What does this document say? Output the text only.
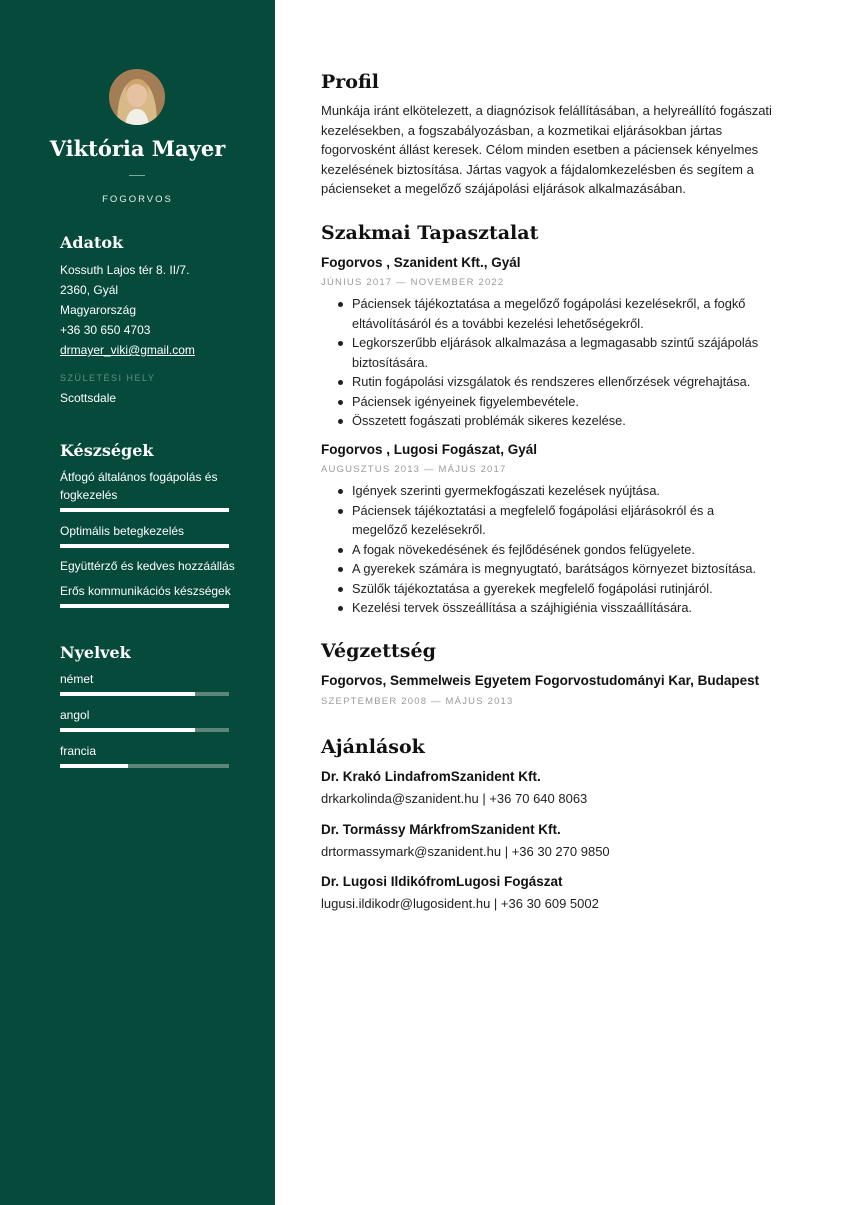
Viktória Mayer
FOGORVOS
Adatok
Kossuth Lajos tér 8. II/7.
2360, Gyál
Magyarország
+36 30 650 4703
drmayer_viki@gmail.com
SZÜLETÉSI HELY
Scottsdale
Készségek
Átfogó általános fogápolás és fogkezelés
Optimális betegkezelés
Együttérző és kedves hozzáállás
Erős kommunikációs készségek
Nyelvek
német
angol
francia
Profil
Munkája iránt elkötelezett, a diagnózisok felállításában, a helyreállító fogászati kezelésekben, a fogszabályozásban, a kozmetikai eljárásokban jártas fogorvosként állást keresek. Célom minden esetben a páciensek kényelmes kezelésének biztosítása. Jártas vagyok a fájdalomkezelésben és segítem a pácienseket a megelőző szájápolási eljárások alkalmazásában.
Szakmai Tapasztalat
Fogorvos , Szanident Kft., Gyál
JÚNIUS 2017 — NOVEMBER 2022
Páciensek tájékoztatása a megelőző fogápolási kezelésekről, a fogkő eltávolításáról és a további kezelési lehetőségekről.
Legkorszerűbb eljárások alkalmazása a legmagasabb szintű szájápolás biztosítására.
Rutin fogápolási vizsgálatok és rendszeres ellenőrzések végrehajtása.
Páciensek igényeinek figyelembevétele.
Összetett fogászati problémák sikeres kezelése.
Fogorvos , Lugosi Fogászat, Gyál
AUGUSZTUS 2013 — MÁJUS 2017
Igények szerinti gyermekfogászati kezelések nyújtása.
Páciensek tájékoztatási a megfelelő fogápolási eljárásokról és a megelőző kezelésekről.
A fogak növekedésének és fejlődésének gondos felügyelete.
A gyerekek számára is megnyugtató, barátságos környezet biztosítása.
Szülők tájékoztatása a gyerekek megfelelő fogápolási rutinjáról.
Kezelési tervek összeállítása a szájhigiénia visszaállítására.
Végzettség
Fogorvos, Semmelweis Egyetem Fogorvostudományi Kar, Budapest
SZEPTEMBER 2008 — MÁJUS 2013
Ajánlások
Dr. Krakó LindafromSzanident Kft.
drkarkolinda@szanident.hu | +36 70 640 8063
Dr. Tormássy MárkfromSzanident Kft.
drtormassymark@szanident.hu | +36 30 270 9850
Dr. Lugosi IldikófromLugosi Fogászat
lugusi.ildikodr@lugosident.hu | +36 30 609 5002
